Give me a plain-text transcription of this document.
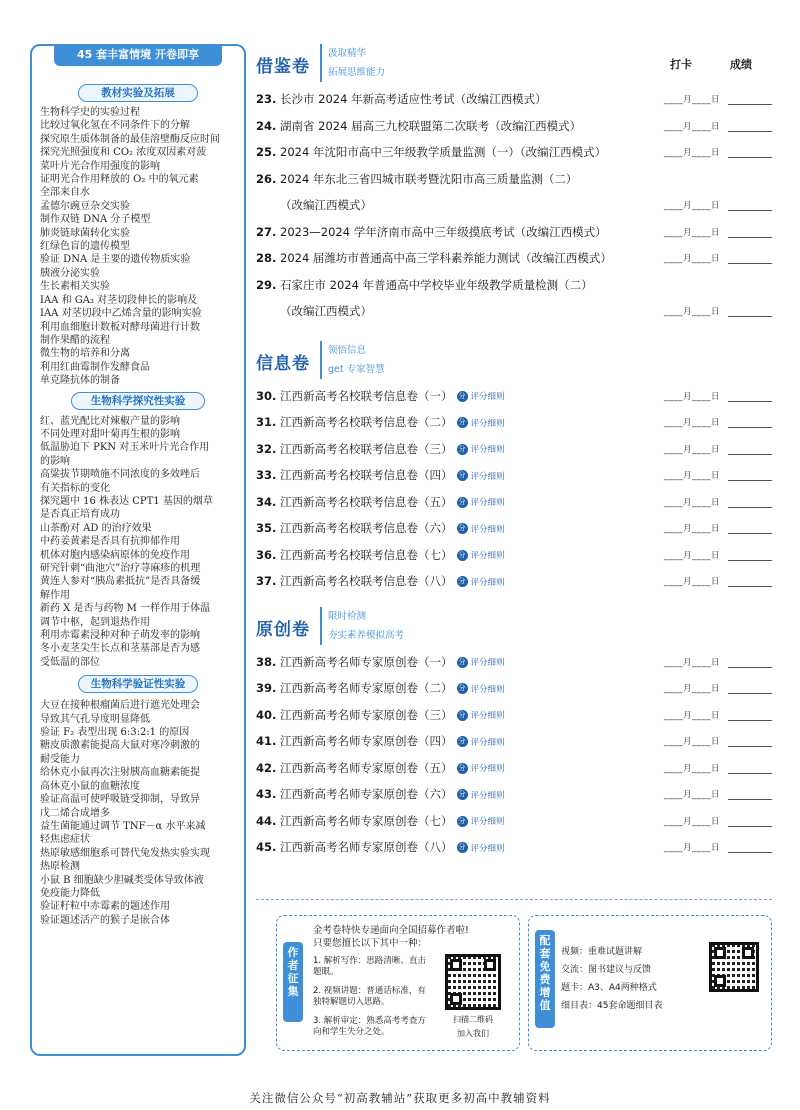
45 套丰富情境 开卷即享
教材实验及拓展
生物科学史的实验过程
比较过氧化氢在不同条件下的分解
探究原生质体制备的最佳溶壁酶反应时间
探究光照强度和 CO₂ 浓度双因素对菠
菜叶片光合作用强度的影响
证明光合作用释放的 O₂ 中的氧元素
全部来自水
孟德尔豌豆杂交实验
制作双链 DNA 分子模型
肺炎链球菌转化实验
红绿色盲的遗传模型
验证 DNA 是主要的遗传物质实验
胰液分泌实验
生长素相关实验
IAA 和 GA₃ 对茎切段伸长的影响及
IAA 对茎切段中乙烯含量的影响实验
利用血细胞计数板对酵母菌进行计数
制作果醋的流程
微生物的培养和分离
利用红曲霉制作发酵食品
单克隆抗体的制备
生物科学探究性实验
红、蓝光配比对辣椒产量的影响
不同处理对甜叶菊再生根的影响
低温胁迫下 PKN 对玉米叶片光合作用
的影响
高粱拔节期喷施不同浓度的多效唑后
有关指标的变化
探究题中 16 株表达 CPT1 基因的烟草
是否真正培育成功
山茶酚对 AD 的治疗效果
中药姜黄素是否具有抗抑郁作用
机体对胞内感染病原体的免疫作用
研究针刺“曲池穴”治疗荨麻疹的机理
黄连人参对“胰岛素抵抗”是否具备缓
解作用
新药 X 是否与药物 M 一样作用于体温
调节中枢，起到退热作用
利用赤霉素浸种对种子萌发率的影响
冬小麦茎尖生长点和茎基部是否为感
受低温的部位
生物科学验证性实验
大豆在接种根瘤菌后进行遮光处理会
导致其气孔导度明显降低
验证 F₂ 表型出现 6:3:2:1 的原因
糖皮质激素能提高大鼠对寒冷刺激的
耐受能力
给休克小鼠再次注射胰高血糖素能提
高休克小鼠的血糖浓度
验证高温可使呼吸链受抑制，导致异
戊二烯合成增多
益生菌能通过调节 TNF－α 水平来减
轻焦虑症状
热原敏感细胞系可替代兔发热实验实现
热原检测
小鼠 B 细胞缺少胆碱类受体导致体液
免疫能力降低
验证籽粒中赤霉素的题述作用
验证题述活产的猴子是嵌合体
借鉴卷
汲取精华
拓展思维能力
打卡	成绩
23. 长沙市 2024 年新高考适应性考试（改编江西模式）	____月____日
24. 湖南省 2024 届高三九校联盟第二次联考（改编江西模式）	____月____日
25. 2024 年沈阳市高中三年级教学质量监测（一）（改编江西模式）	____月____日
26. 2024 年东北三省四城市联考暨沈阳市高三质量监测（二）
（改编江西模式）	____月____日
27. 2023—2024 学年济南市高中三年级摸底考试（改编江西模式）	____月____日
28. 2024 届潍坊市普通高中高三学科素养能力测试（改编江西模式）	____月____日
29. 石家庄市 2024 年普通高中学校毕业年级教学质量检测（二）
（改编江西模式）	____月____日
信息卷
领悟信息
get 专家智慧
30. 江西新高考名校联考信息卷（一） 分 评分细则	____月____日
31. 江西新高考名校联考信息卷（二） 分 评分细则	____月____日
32. 江西新高考名校联考信息卷（三） 分 评分细则	____月____日
33. 江西新高考名校联考信息卷（四） 分 评分细则	____月____日
34. 江西新高考名校联考信息卷（五） 分 评分细则	____月____日
35. 江西新高考名校联考信息卷（六） 分 评分细则	____月____日
36. 江西新高考名校联考信息卷（七） 分 评分细则	____月____日
37. 江西新高考名校联考信息卷（八） 分 评分细则	____月____日
原创卷
限时检测
夯实素养模拟高考
38. 江西新高考名师专家原创卷（一） 分 评分细则	____月____日
39. 江西新高考名师专家原创卷（二） 分 评分细则	____月____日
40. 江西新高考名师专家原创卷（三） 分 评分细则	____月____日
41. 江西新高考名师专家原创卷（四） 分 评分细则	____月____日
42. 江西新高考名师专家原创卷（五） 分 评分细则	____月____日
43. 江西新高考名师专家原创卷（六） 分 评分细则	____月____日
44. 江西新高考名师专家原创卷（七） 分 评分细则	____月____日
45. 江西新高考名师专家原创卷（八） 分 评分细则	____月____日
作者征集
金考卷特快专递面向全国招募作者啦!
只要您擅长以下其中一种：
1. 解析写作：思路清晰、直击题眼。
2. 视频讲题：普通话标准，有独特解题切入思路。
3. 解析审定：熟悉高考考查方向和学生失分之处。
扫描二维码
加入我们
配套免费增值
视频：重难试题讲解
交流：图书建议与反馈
题卡：A3、A4两种格式
细目表：45套命题细目表
关注微信公众号“初高教辅站”获取更多初高中教辅资料
